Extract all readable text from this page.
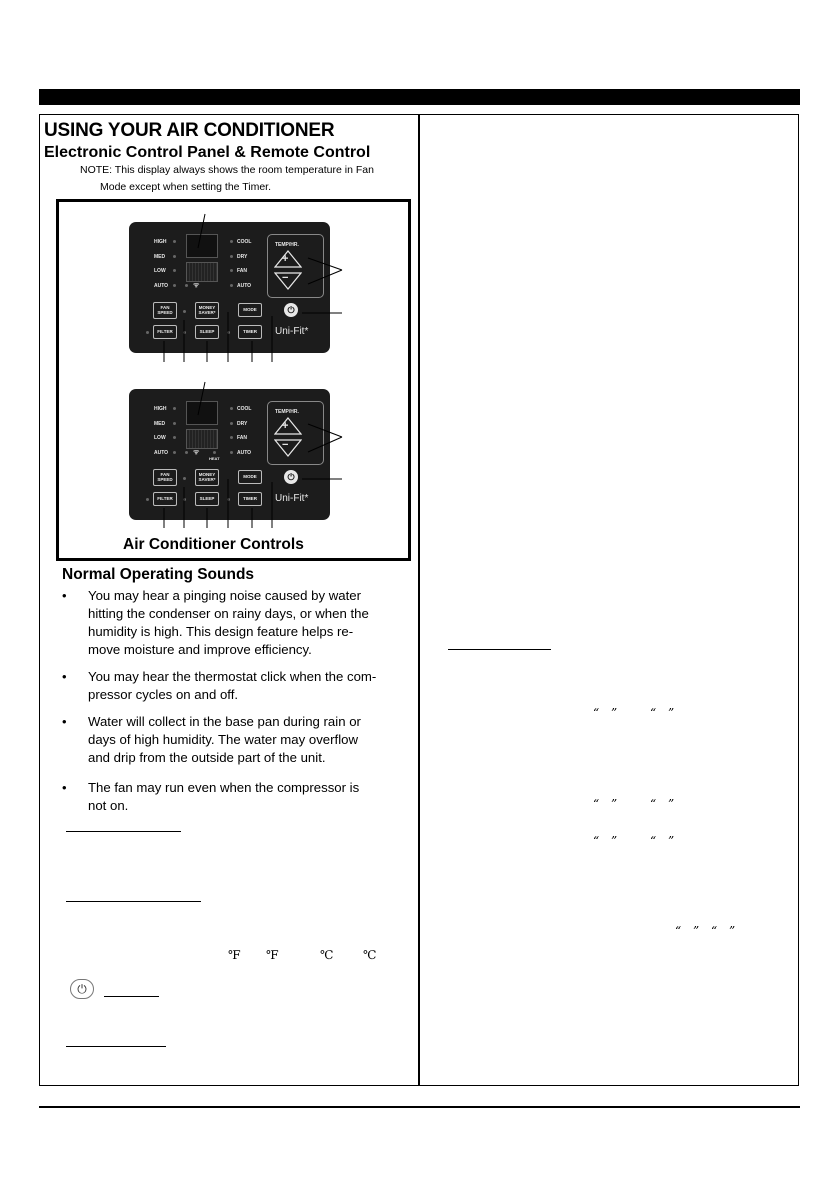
USING YOUR AIR CONDITIONER
Electronic Control Panel & Remote Control
NOTE: This display always shows the room temperature in Fan
Mode except when setting the Timer.
HIGH
MED
LOW
AUTO	ᯤ
COOL
DRY
FAN
AUTO
TEMP/HR.
+
−
FAN SPEED
MONEY SAVER*
MODE	⏻
FILTER	SLEEP	TIMER	Uni-Fit*
HIGH
MED
LOW
AUTO	ᯤ
HEAT
COOL
DRY
FAN
AUTO
TEMP/HR.
+
−
FAN SPEED
MONEY SAVER*
MODE	⏻
FILTER	SLEEP	TIMER	Uni-Fit*
Air Conditioner Controls
Normal Operating Sounds
• You may hear a pinging noise caused by water
hitting the condenser on rainy days, or when the
humidity is high. This design feature helps re-
move moisture and improve efficiency.
• You may hear the thermostat click when the com-
pressor cycles on and off.
• Water will collect in the base pan during rain or
days of high humidity. The water may overflow
and drip from the outside part of the unit.
• The fan may run even when the compressor is
not on.
℉ ℉	℃ ℃
⏻
“ ” “ ”
“ ” “ ”
“ ” “ ”
“ ” “ ”
